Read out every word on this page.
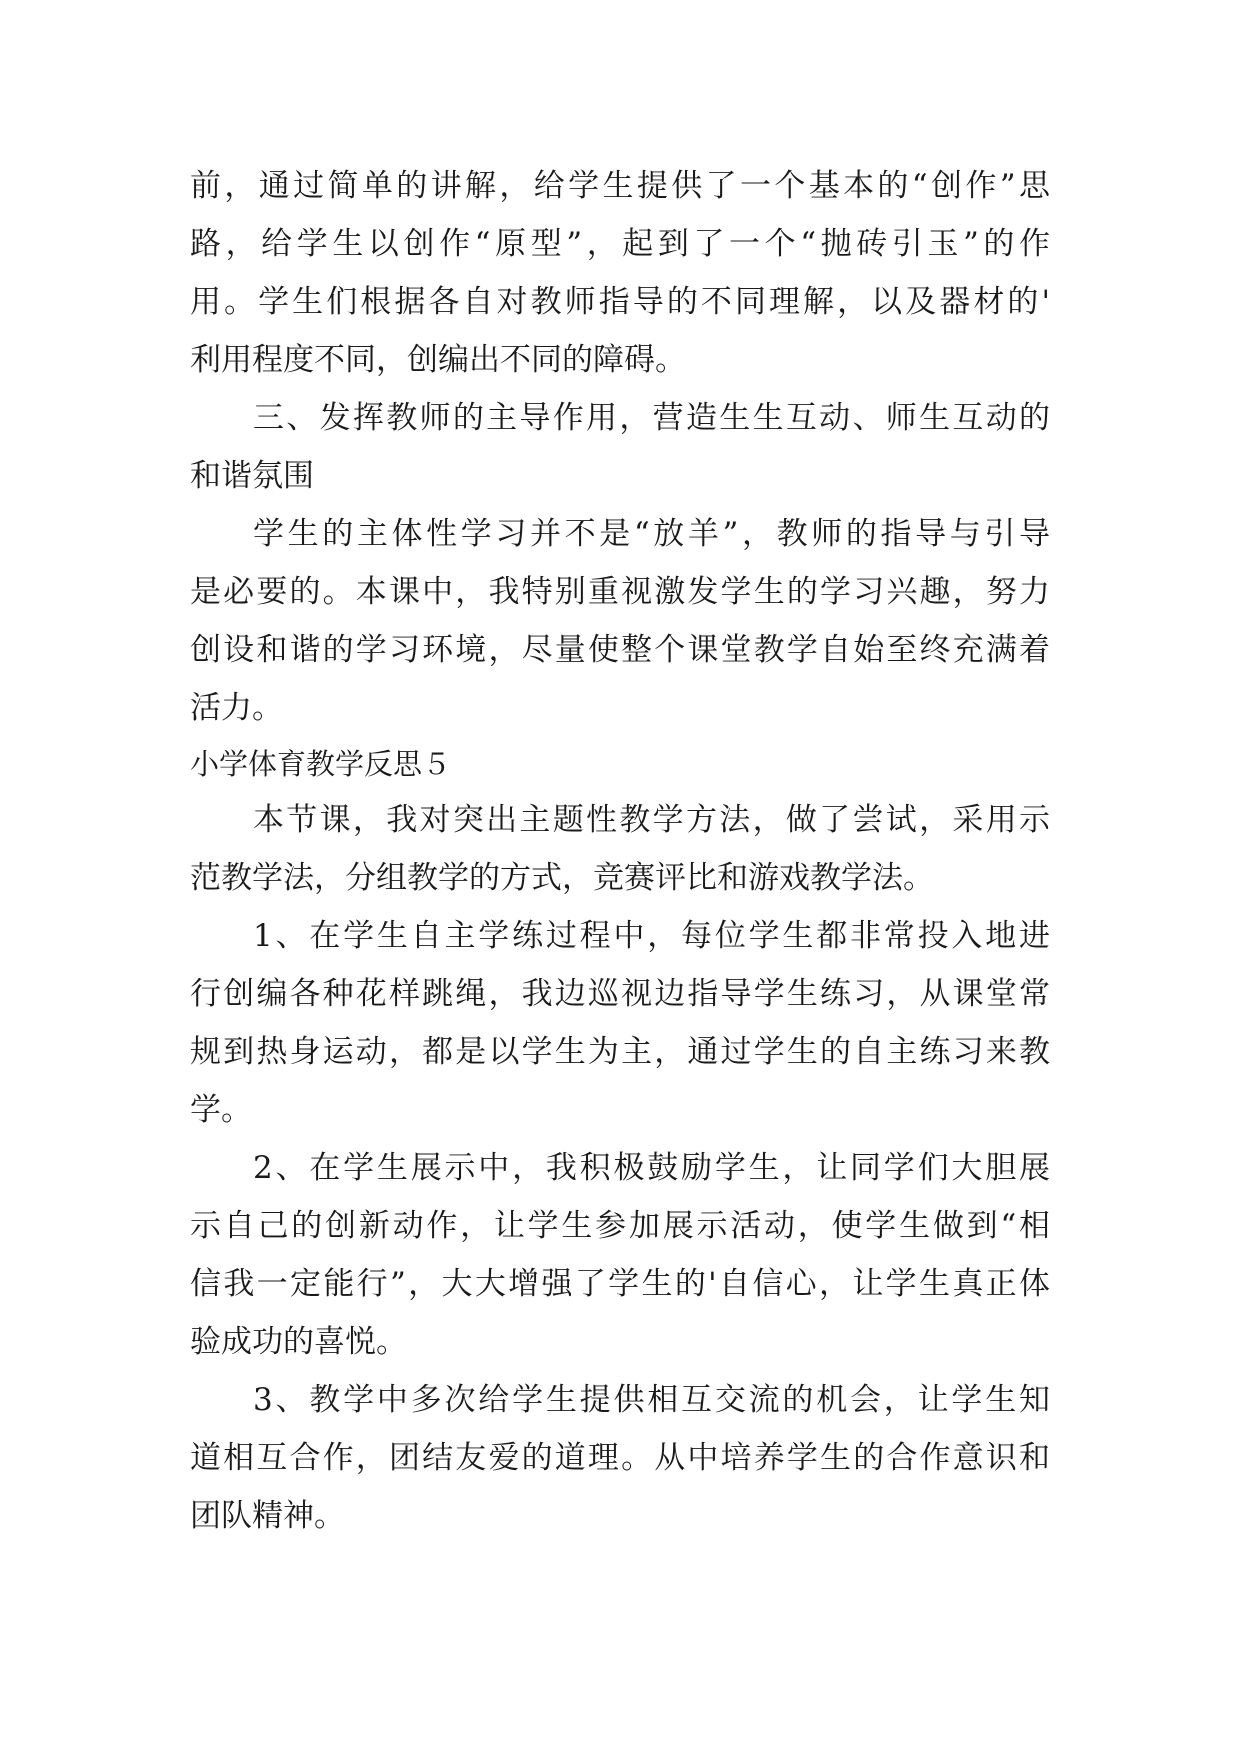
前，通过简单的讲解，给学生提供了一个基本的“创作”思
路，给学生以创作“原型”，起到了一个“抛砖引玉”的作
用。学生们根据各自对教师指导的不同理解，以及器材的'
利用程度不同，创编出不同的障碍。
三、发挥教师的主导作用，营造生生互动、师生互动的
和谐氛围
学生的主体性学习并不是“放羊”，教师的指导与引导
是必要的。本课中，我特别重视激发学生的学习兴趣，努力
创设和谐的学习环境，尽量使整个课堂教学自始至终充满着
活力。
小学体育教学反思５
本节课，我对突出主题性教学方法，做了尝试，采用示
范教学法，分组教学的方式，竞赛评比和游戏教学法。
1、在学生自主学练过程中，每位学生都非常投入地进
行创编各种花样跳绳，我边巡视边指导学生练习，从课堂常
规到热身运动，都是以学生为主，通过学生的自主练习来教
学。
2、在学生展示中，我积极鼓励学生，让同学们大胆展
示自己的创新动作，让学生参加展示活动，使学生做到“相
信我一定能行”，大大增强了学生的'自信心，让学生真正体
验成功的喜悦。
3、教学中多次给学生提供相互交流的机会，让学生知
道相互合作，团结友爱的道理。从中培养学生的合作意识和
团队精神。
